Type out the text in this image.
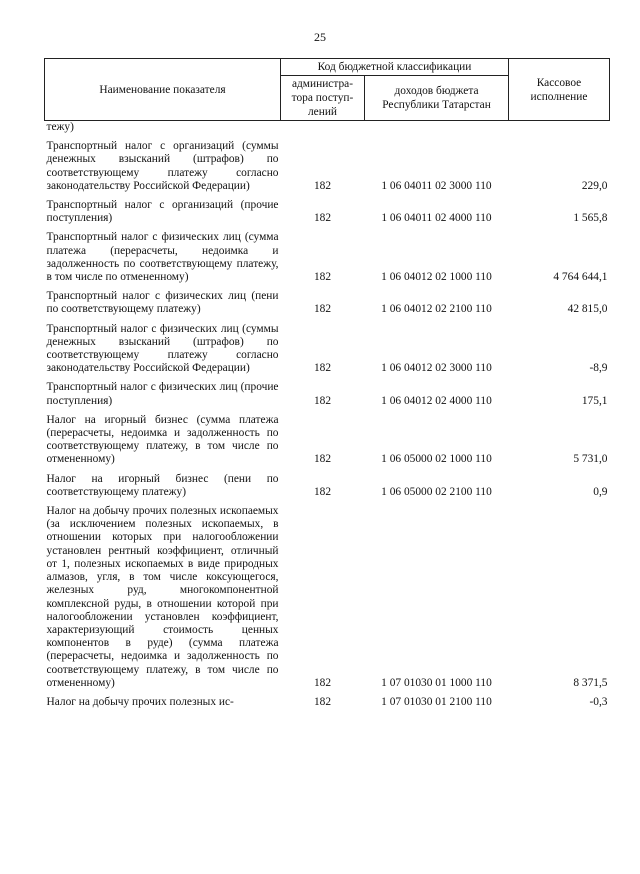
25
Наименование показателя	Код бюджетной классификации		Кассовое исполнение
	администра-тора поступ-лений	доходов бюджета Республики Татарстан	
тежу)			
Транспортный налог с организаций (суммы денежных взысканий (штрафов) по соответствующему платежу согласно законодательству Российской Федерации)	182	1 06 04011 02 3000 110	229,0
Транспортный налог с организаций (прочие поступления)	182	1 06 04011 02 4000 110	1 565,8
Транспортный налог с физических лиц (сумма платежа (перерасчеты, недоимка и задолженность по соответствующему платежу, в том числе по отмененному)	182	1 06 04012 02 1000 110	4 764 644,1
Транспортный налог с физических лиц (пени по соответствующему платежу)	182	1 06 04012 02 2100 110	42 815,0
Транспортный налог с физических лиц (суммы денежных взысканий (штрафов) по соответствующему платежу согласно законодательству Российской Федерации)	182	1 06 04012 02 3000 110	-8,9
Транспортный налог с физических лиц (прочие поступления)	182	1 06 04012 02 4000 110	175,1
Налог на игорный бизнес (сумма платежа (перерасчеты, недоимка и задолженность по соответствующему платежу, в том числе по отмененному)	182	1 06 05000 02 1000 110	5 731,0
Налог на игорный бизнес (пени по соответствующему платежу)	182	1 06 05000 02 2100 110	0,9
Налог на добычу прочих полезных ископаемых (за исключением полезных ископаемых, в отношении которых при налогообложении установлен рентный коэффициент, отличный от 1, полезных ископаемых в виде природных алмазов, угля, в том числе коксующегося, железных руд, многокомпонентной комплексной руды, в отношении которой при налогообложении установлен коэффициент, характеризующий стоимость ценных компонентов в руде) (сумма платежа (перерасчеты, недоимка и задолженность по соответствующему платежу, в том числе по отмененному)	182	1 07 01030 01 1000 110	8 371,5
Налог на добычу прочих полезных ис-	182	1 07 01030 01 2100 110	-0,3
